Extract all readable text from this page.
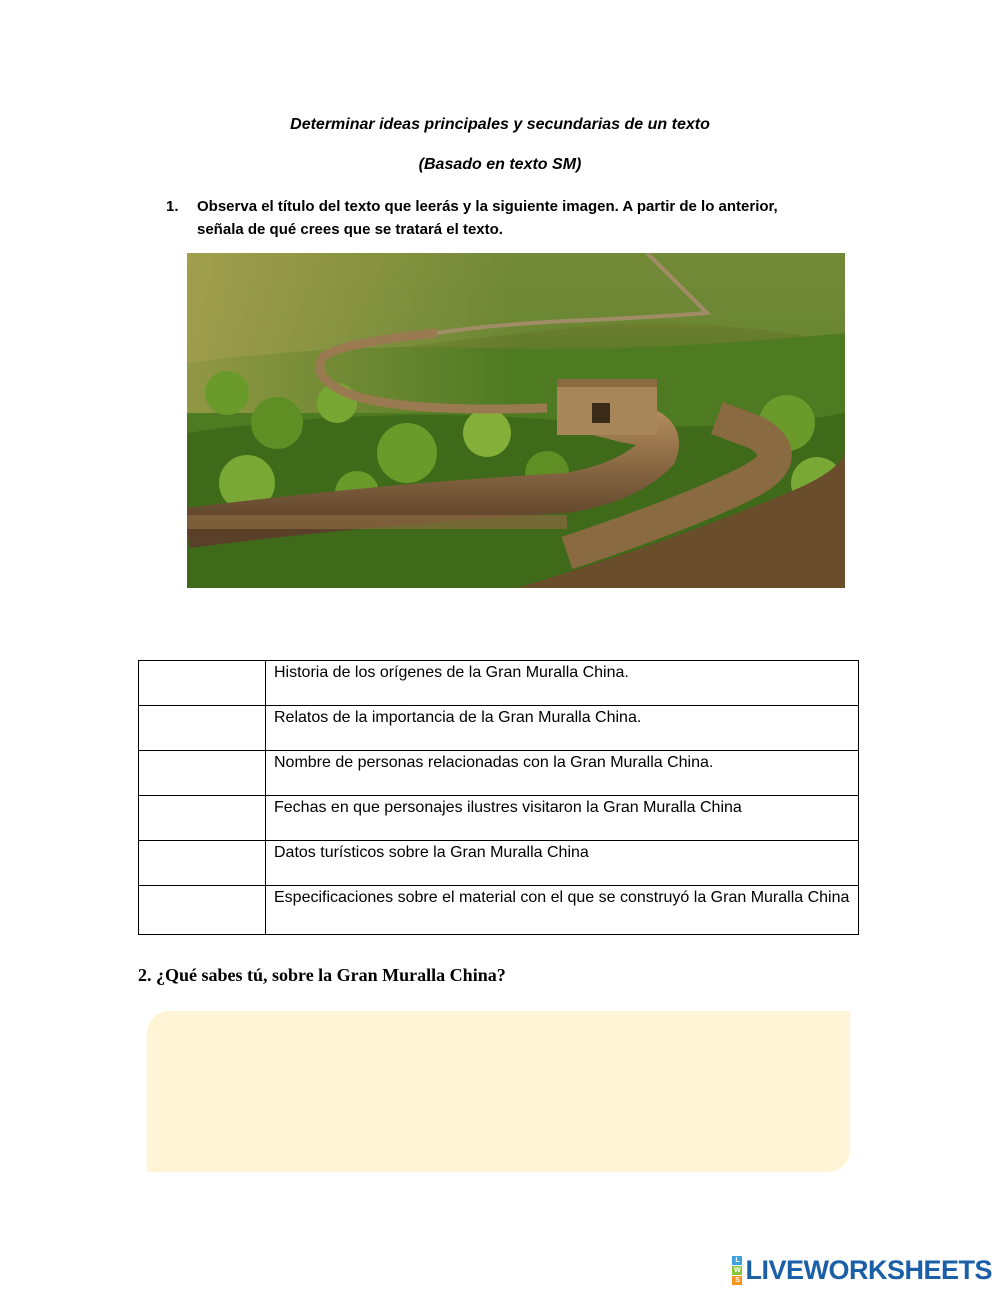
Determinar ideas principales y secundarias de un texto
(Basado en texto SM)
1. Observa el título del texto que leerás y la siguiente imagen. A partir de lo anterior, señala de qué crees que se tratará el texto.
	Historia de los orígenes de la Gran Muralla China.
	Relatos de la importancia de la Gran Muralla China.
	Nombre de personas relacionadas con la Gran Muralla China.
	Fechas en que personajes ilustres visitaron la Gran Muralla China
	Datos turísticos sobre la Gran Muralla China
	Especificaciones sobre el material con el que se construyó la Gran Muralla China
2. ¿Qué sabes tú, sobre la Gran Muralla China?
L
W
S LIVEWORKSHEETS
